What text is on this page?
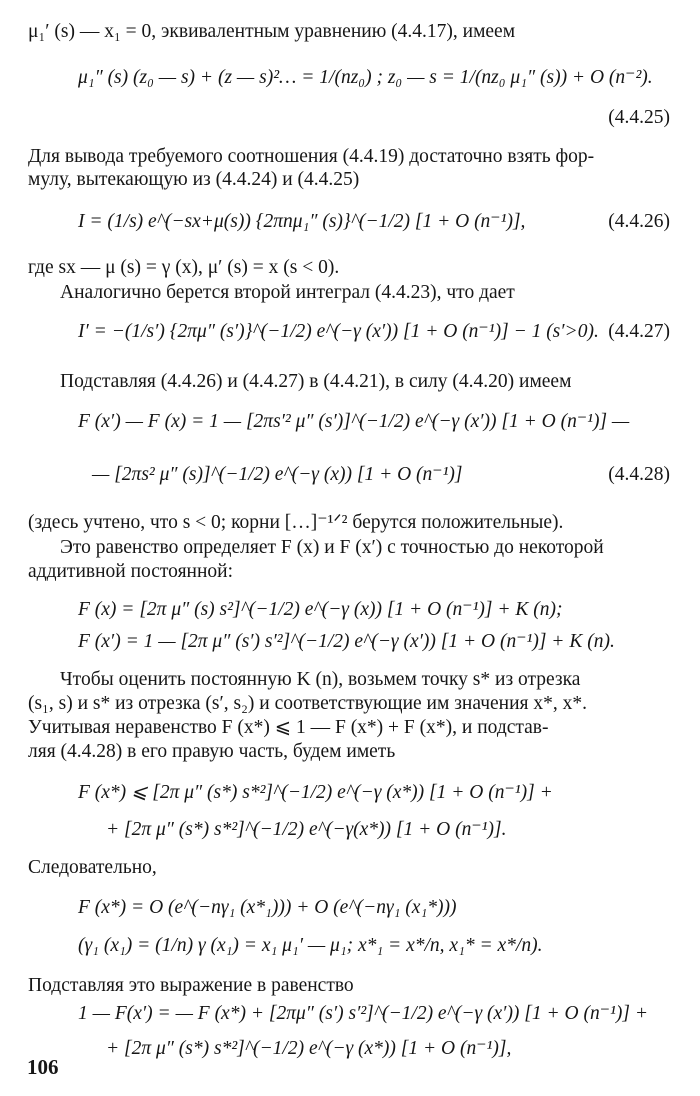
μ₁′ (s) — x₁ = 0, эквивалентным уравнению (4.4.17), имеем
μ₁″ (s) (z₀ — s) + (z — s)²… = 1/(nz₀) ; z₀ — s = 1/(nz₀ μ₁″ (s)) + O (n⁻²).
(4.4.25)
Для вывода требуемого соотношения (4.4.19) достаточно взять фор-
мулу, вытекающую из (4.4.24) и (4.4.25)
I = (1/s) e^(−sx+μ(s)) {2πnμ₁″ (s)}^(−1/2) [1 + O (n⁻¹)],	(4.4.26)
где sx — μ (s) = γ (x), μ′ (s) = x (s < 0).
Аналогично берется второй интеграл (4.4.23), что дает
I′ = −(1/s′) {2πμ″ (s′)}^(−1/2) e^(−γ (x′)) [1 + O (n⁻¹)] − 1 (s′>0). (4.4.27)
Подставляя (4.4.26) и (4.4.27) в (4.4.21), в силу (4.4.20) имеем
F (x′) — F (x) = 1 — [2πs′² μ″ (s′)]^(−1/2) e^(−γ (x′)) [1 + O (n⁻¹)] —
— [2πs² μ″ (s)]^(−1/2) e^(−γ (x)) [1 + O (n⁻¹)]	(4.4.28)
(здесь учтено, что s < 0; корни […]⁻¹ᐟ² берутся положительные).
Это равенство определяет F (x) и F (x′) с точностью до некоторой
аддитивной постоянной:
F (x) = [2π μ″ (s) s²]^(−1/2) e^(−γ (x)) [1 + O (n⁻¹)] + K (n);
F (x′) = 1 — [2π μ″ (s′) s′²]^(−1/2) e^(−γ (x′)) [1 + O (n⁻¹)] + K (n).
Чтобы оценить постоянную K (n), возьмем точку s* из отрезка
(s₁, s) и s* из отрезка (s′, s₂) и соответствующие им значения x*, x*.
Учитывая неравенство F (x*) ⩽ 1 — F (x*) + F (x*), и подстав-
ляя (4.4.28) в его правую часть, будем иметь
F (x*) ⩽ [2π μ″ (s*) s*²]^(−1/2) e^(−γ (x*)) [1 + O (n⁻¹)] +
+ [2π μ″ (s*) s*²]^(−1/2) e^(−γ(x*)) [1 + O (n⁻¹)].
Следовательно,
F (x*) = O (e^(−nγ₁ (x*₁))) + O (e^(−nγ₁ (x₁*)))
(γ₁ (x₁) = (1/n) γ (x₁) = x₁ μ₁′ — μ₁; x*₁ = x*/n, x₁* = x*/n).
Подставляя это выражение в равенство
1 — F(x′) = — F (x*) + [2πμ″ (s′) s′²]^(−1/2) e^(−γ (x′)) [1 + O (n⁻¹)] +
+ [2π μ″ (s*) s*²]^(−1/2) e^(−γ (x*)) [1 + O (n⁻¹)],
106
